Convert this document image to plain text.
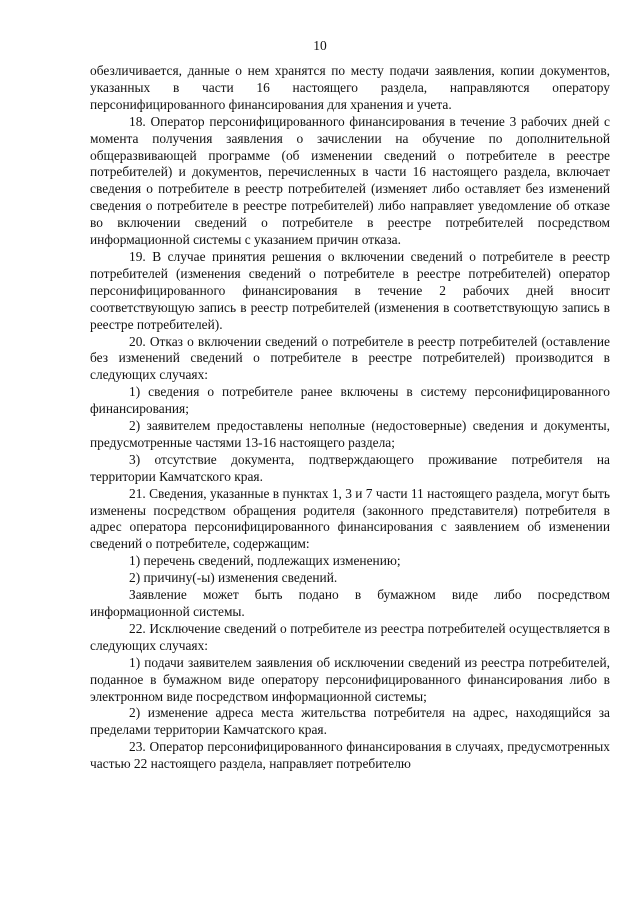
10

обезличивается, данные о нем хранятся по месту подачи заявления, копии документов, указанных в части 16 настоящего раздела, направляются оператору персонифицированного финансирования для хранения и учета.

18. Оператор персонифицированного финансирования в течение 3 рабочих дней с момента получения заявления о зачислении на обучение по дополнительной общеразвивающей программе (об изменении сведений о потребителе в реестре потребителей) и документов, перечисленных в части 16 настоящего раздела, включает сведения о потребителе в реестр потребителей (изменяет либо оставляет без изменений сведения о потребителе в реестре потребителей) либо направляет уведомление об отказе во включении сведений о потребителе в реестре потребителей посредством информационной системы с указанием причин отказа.

19. В случае принятия решения о включении сведений о потребителе в реестр потребителей (изменения сведений о потребителе в реестре потребителей) оператор персонифицированного финансирования в течение 2 рабочих дней вносит соответствующую запись в реестр потребителей (изменения в соответствующую запись в реестре потребителей).

20. Отказ о включении сведений о потребителе в реестр потребителей (оставление без изменений сведений о потребителе в реестре потребителей) производится в следующих случаях:

1) сведения о потребителе ранее включены в систему персонифицированного финансирования;

2) заявителем предоставлены неполные (недостоверные) сведения и документы, предусмотренные частями 13-16 настоящего раздела;

3) отсутствие документа, подтверждающего проживание потребителя на территории Камчатского края.

21. Сведения, указанные в пунктах 1, 3 и 7 части 11 настоящего раздела, могут быть изменены посредством обращения родителя (законного представителя) потребителя в адрес оператора персонифицированного финансирования с заявлением об изменении сведений о потребителе, содержащим:

1) перечень сведений, подлежащих изменению;

2) причину(-ы) изменения сведений.

Заявление может быть подано в бумажном виде либо посредством информационной системы.

22. Исключение сведений о потребителе из реестра потребителей осуществляется в следующих случаях:

1) подачи заявителем заявления об исключении сведений из реестра потребителей, поданное в бумажном виде оператору персонифицированного финансирования либо в электронном виде посредством информационной системы;

2) изменение адреса места жительства потребителя на адрес, находящийся за пределами территории Камчатского края.

23. Оператор персонифицированного финансирования в случаях, предусмотренных частью 22 настоящего раздела, направляет потребителю
